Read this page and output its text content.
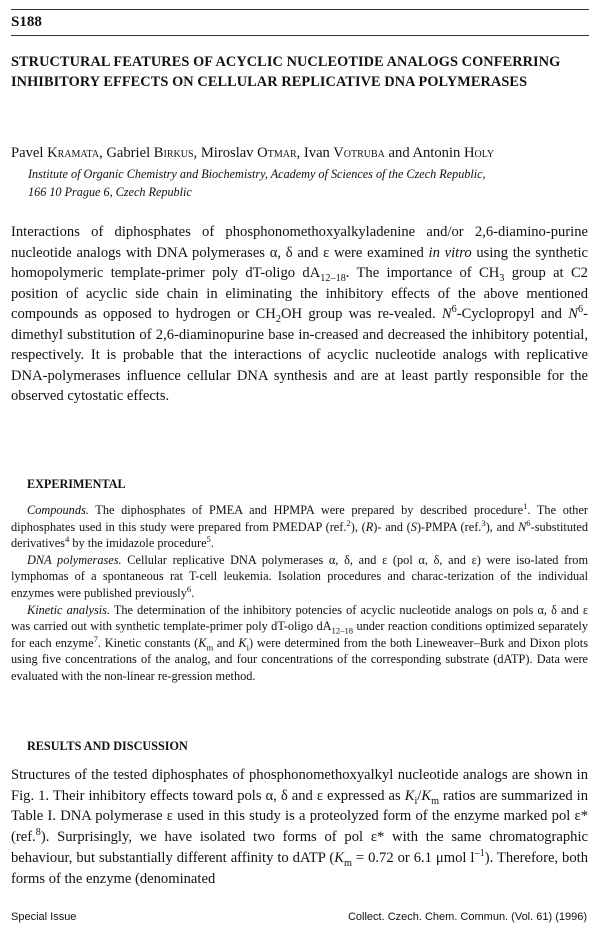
S188
STRUCTURAL FEATURES OF ACYCLIC NUCLEOTIDE ANALOGS CONFERRING INHIBITORY EFFECTS ON CELLULAR REPLICATIVE DNA POLYMERASES
Pavel Kramata, Gabriel Birkus, Miroslav Otmar, Ivan Votruba and Antonin Holy
Institute of Organic Chemistry and Biochemistry, Academy of Sciences of the Czech Republic,
166 10 Prague 6, Czech Republic
Interactions of diphosphates of phosphonomethoxyalkyladenine and/or 2,6-diamino-purine nucleotide analogs with DNA polymerases α, δ and ε were examined in vitro using the synthetic homopolymeric template-primer poly dT-oligo $dA_{12-18}$. The importance of $CH_3$ group at C2 position of acyclic side chain in eliminating the inhibitory effects of the above mentioned compounds as opposed to hydrogen or $CH_2OH$ group was re-vealed. $N^6$-Cyclopropyl and $N^6$-dimethyl substitution of 2,6-diaminopurine base in-creased and decreased the inhibitory potential, respectively. It is probable that the interactions of acyclic nucleotide analogs with replicative DNA-polymerases influence cellular DNA synthesis and are at least partly responsible for the observed cytostatic effects.
EXPERIMENTAL

Compounds. The diphosphates of PMEA and HPMPA were prepared by described procedure$^1$. The other diphosphates used in this study were prepared from PMEDAP (ref.$^2$), (R)- and (S)-PMPA (ref.$^3$), and $N^6$-substituted derivatives$^4$ by the imidazole procedure$^5$.

DNA polymerases. Cellular replicative DNA polymerases α, δ, and ε (pol α, δ, and ε) were iso-lated from lymphomas of a spontaneous rat T-cell leukemia. Isolation procedures and charac-terization of the individual enzymes were published previously$^6$.

Kinetic analysis. The determination of the inhibitory potencies of acyclic nucleotide analogs on pols α, δ and ε was carried out with synthetic template-primer poly dT-oligo $dA_{12-18}$ under reaction conditions optimized separately for each enzyme$^7$. Kinetic constants ($K_m$ and $K_i$) were determined from the both Lineweaver–Burk and Dixon plots using five concentrations of the analog, and four concentrations of the corresponding substrate (dATP). Data were evaluated with the non-linear re-gression method.

RESULTS AND DISCUSSION
Structures of the tested diphosphates of phosphonomethoxyalkyl nucleotide analogs are shown in Fig. 1. Their inhibitory effects toward pols α, δ and ε expressed as $K_i/K_m$ ratios are summarized in Table I. DNA polymerase ε used in this study is a proteolyzed form of the enzyme marked pol ε* (ref.$^8$). Surprisingly, we have isolated two forms of pol ε* with the same chromatographic behaviour, but substantially different affinity to dATP ($K_m = 0.72$ or 6.1 μmol $l^{-1}$). Therefore, both forms of the enzyme (denominated
Special Issue	Collect. Czech. Chem. Commun. (Vol. 61) (1996)
